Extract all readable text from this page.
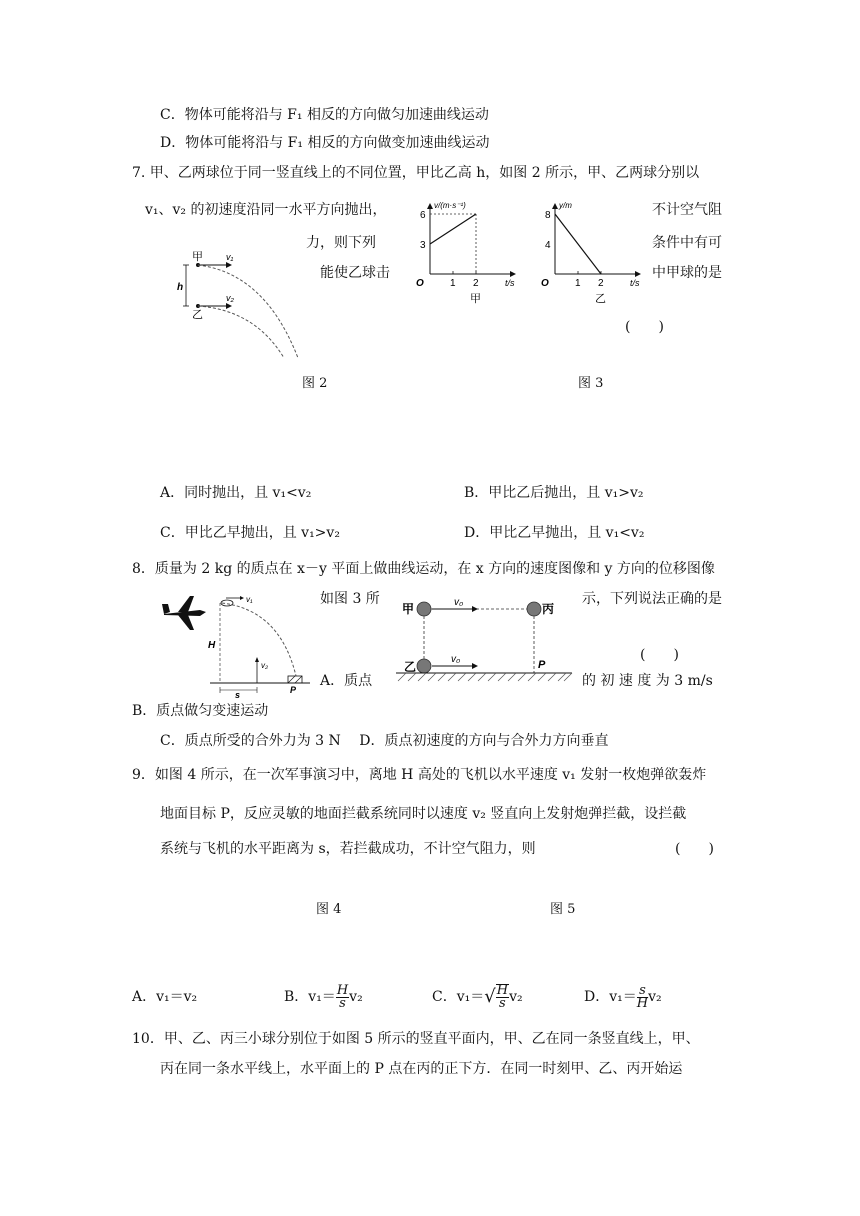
C．物体可能将沿与 F₁ 相反的方向做匀加速曲线运动
D．物体可能将沿与 F₁ 相反的方向做变加速曲线运动
7. 甲、乙两球位于同一竖直线上的不同位置，甲比乙高 h，如图 2 所示，甲、乙两球分别以
v₁、v₂ 的初速度沿同一水平方向抛出，	不计空气阻
力，则下列	条件中有可
能使乙球击	中甲球的是
(　　)
甲
乙
v₁
v₂
h
图 2
3
6
1 2
v/(m·s⁻¹)
t/s
O
甲
4
8
1 2
y/m
t/s
O
乙
图 3
A．同时抛出，且 v₁<v₂	B．甲比乙后抛出，且 v₁>v₂
C．甲比乙早抛出，且 v₁>v₂	D．甲比乙早抛出，且 v₁<v₂
8．质量为 2 kg 的质点在 x－y 平面上做曲线运动，在 x 方向的速度图像和 y 方向的位移图像
如图 3 所	示，下列说法正确的是
(　　)
A．质点	的 初 速 度 为 3 m/s
B．质点做匀变速运动
C．质点所受的合外力为 3 N　 D．质点初速度的方向与合外力方向垂直
v₁
v₂
H
s	P
甲	丙
乙
v₀
v₀	P
9．如图 4 所示，在一次军事演习中，离地 H 高处的飞机以水平速度 v₁ 发射一枚炮弹欲轰炸
地面目标 P，反应灵敏的地面拦截系统同时以速度 v₂ 竖直向上发射炮弹拦截，设拦截
系统与飞机的水平距离为 s，若拦截成功，不计空气阻力，则	(　　)
图 4	图 5
A．v₁＝v₂	B．$v_1= \frac{H}{s} v_2$	C．$v_1=√ \frac{H}{s} v_2$	D．$v_1= \frac{s}{H} v_2$
10．甲、乙、丙三小球分别位于如图 5 所示的竖直平面内，甲、乙在同一条竖直线上，甲、
丙在同一条水平线上，水平面上的 P 点在丙的正下方．在同一时刻甲、乙、丙开始运
